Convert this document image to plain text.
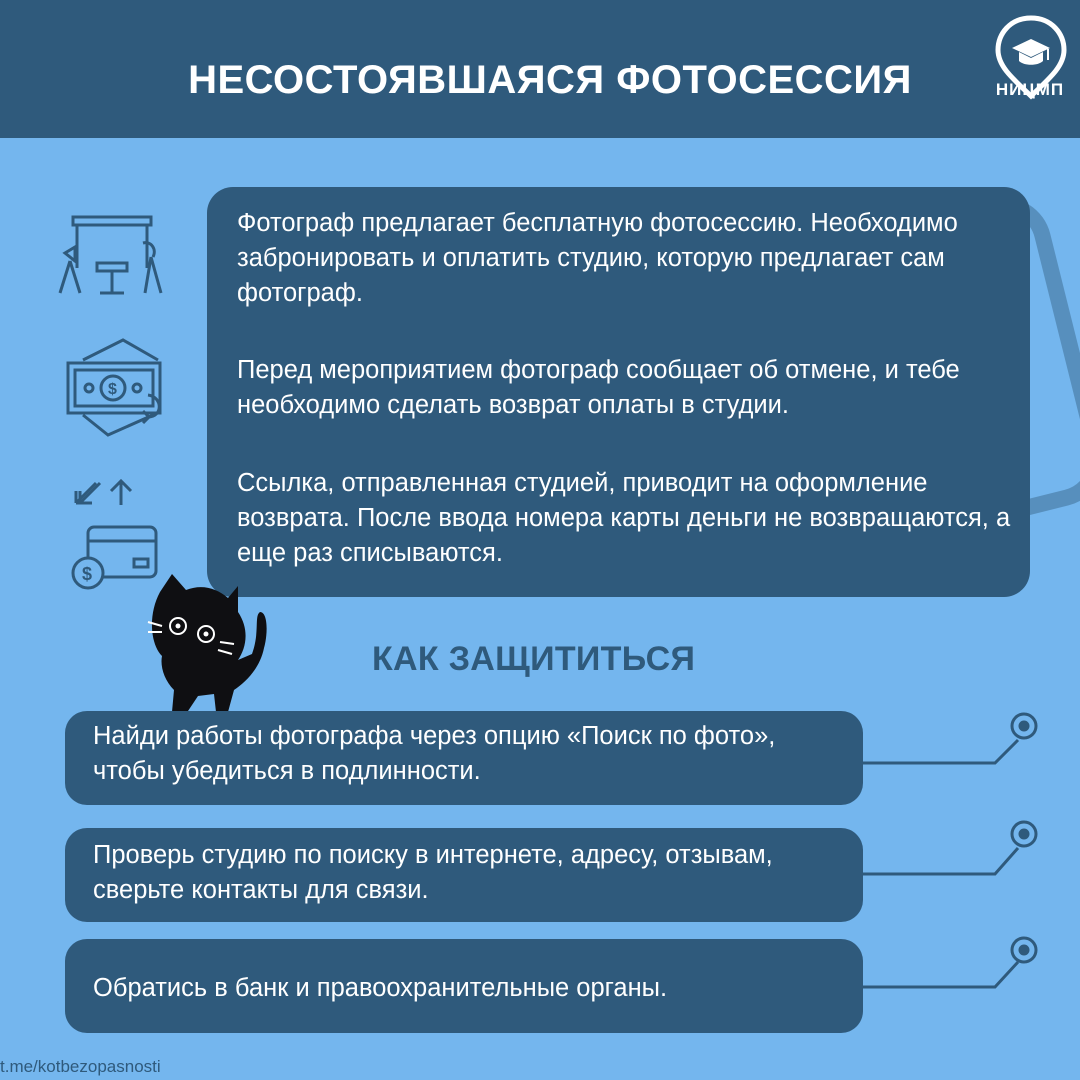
НЕСОСТОЯВШАЯСЯ ФОТОСЕССИЯ	НИЦМП
Фотограф предлагает бесплатную фотосессию. Необходимо забронировать и оплатить студию, которую предлагает сам фотограф.
Перед мероприятием фотограф сообщает об отмене, и тебе необходимо сделать возврат оплаты в студии.
Ссылка, отправленная студией, приводит на оформление возврата. После ввода номера карты деньги не возвращаются, а еще раз списываются.
$
$
КАК ЗАЩИТИТЬСЯ
Найди работы фотографа через опцию «Поиск по фото», чтобы убедиться в подлинности.
Проверь студию по поиску в интернете, адресу, отзывам, сверьте контакты для связи.
Обратись в банк и правоохранительные органы.
t.me/kotbezopasnosti
